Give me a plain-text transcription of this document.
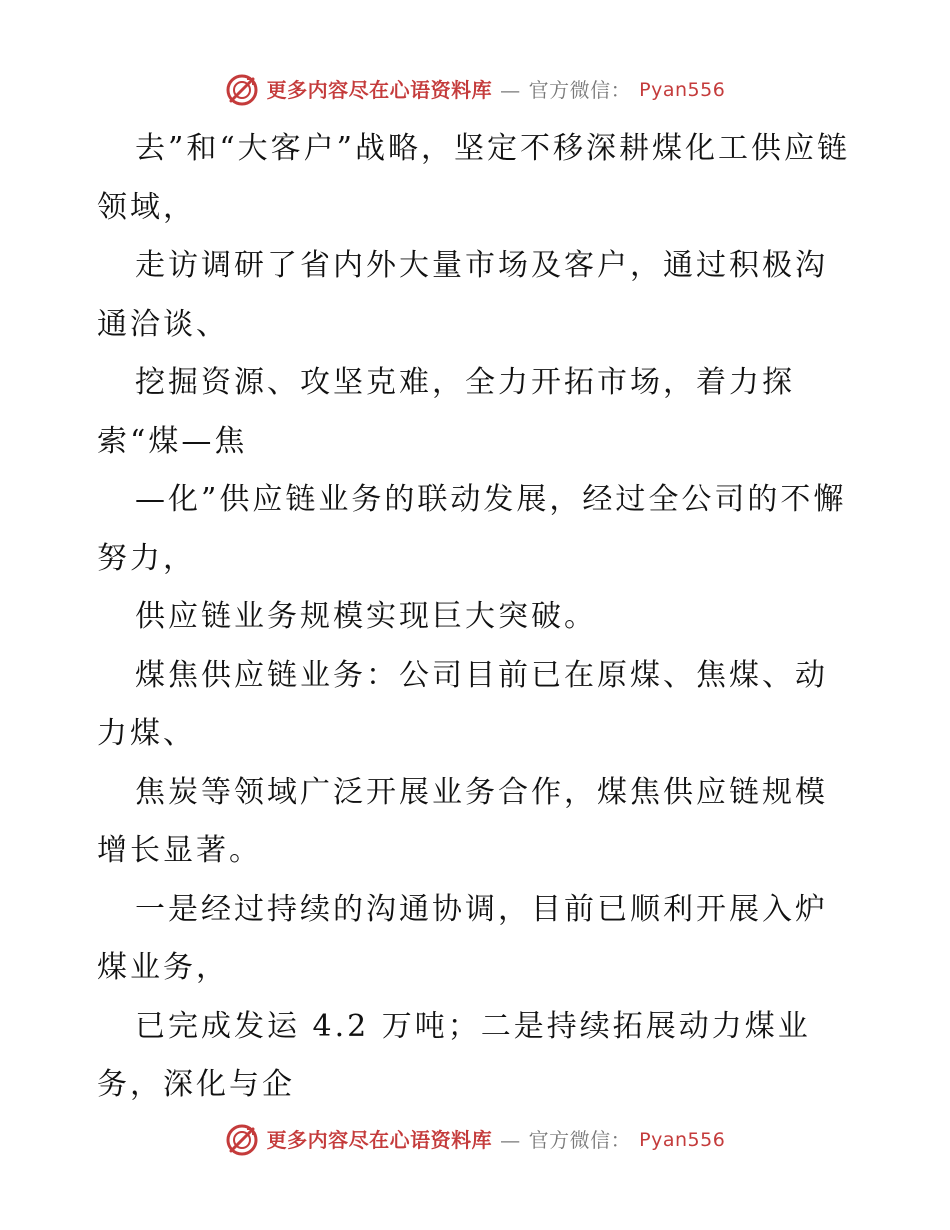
更多内容尽在心语资料库 — 官方微信： Pyan556

去”和“大客户”战略，坚定不移深耕煤化工供应链领域，

走访调研了省内外大量市场及客户，通过积极沟通洽谈、

挖掘资源、攻坚克难，全力开拓市场，着力探索“煤—焦

—化”供应链业务的联动发展，经过全公司的不懈努力，

供应链业务规模实现巨大突破。

煤焦供应链业务：公司目前已在原煤、焦煤、动力煤、

焦炭等领域广泛开展业务合作，煤焦供应链规模增长显著。

一是经过持续的沟通协调，目前已顺利开展入炉煤业务，

已完成发运 4.2 万吨；二是持续拓展动力煤业务，深化与企

更多内容尽在心语资料库 — 官方微信： Pyan556
